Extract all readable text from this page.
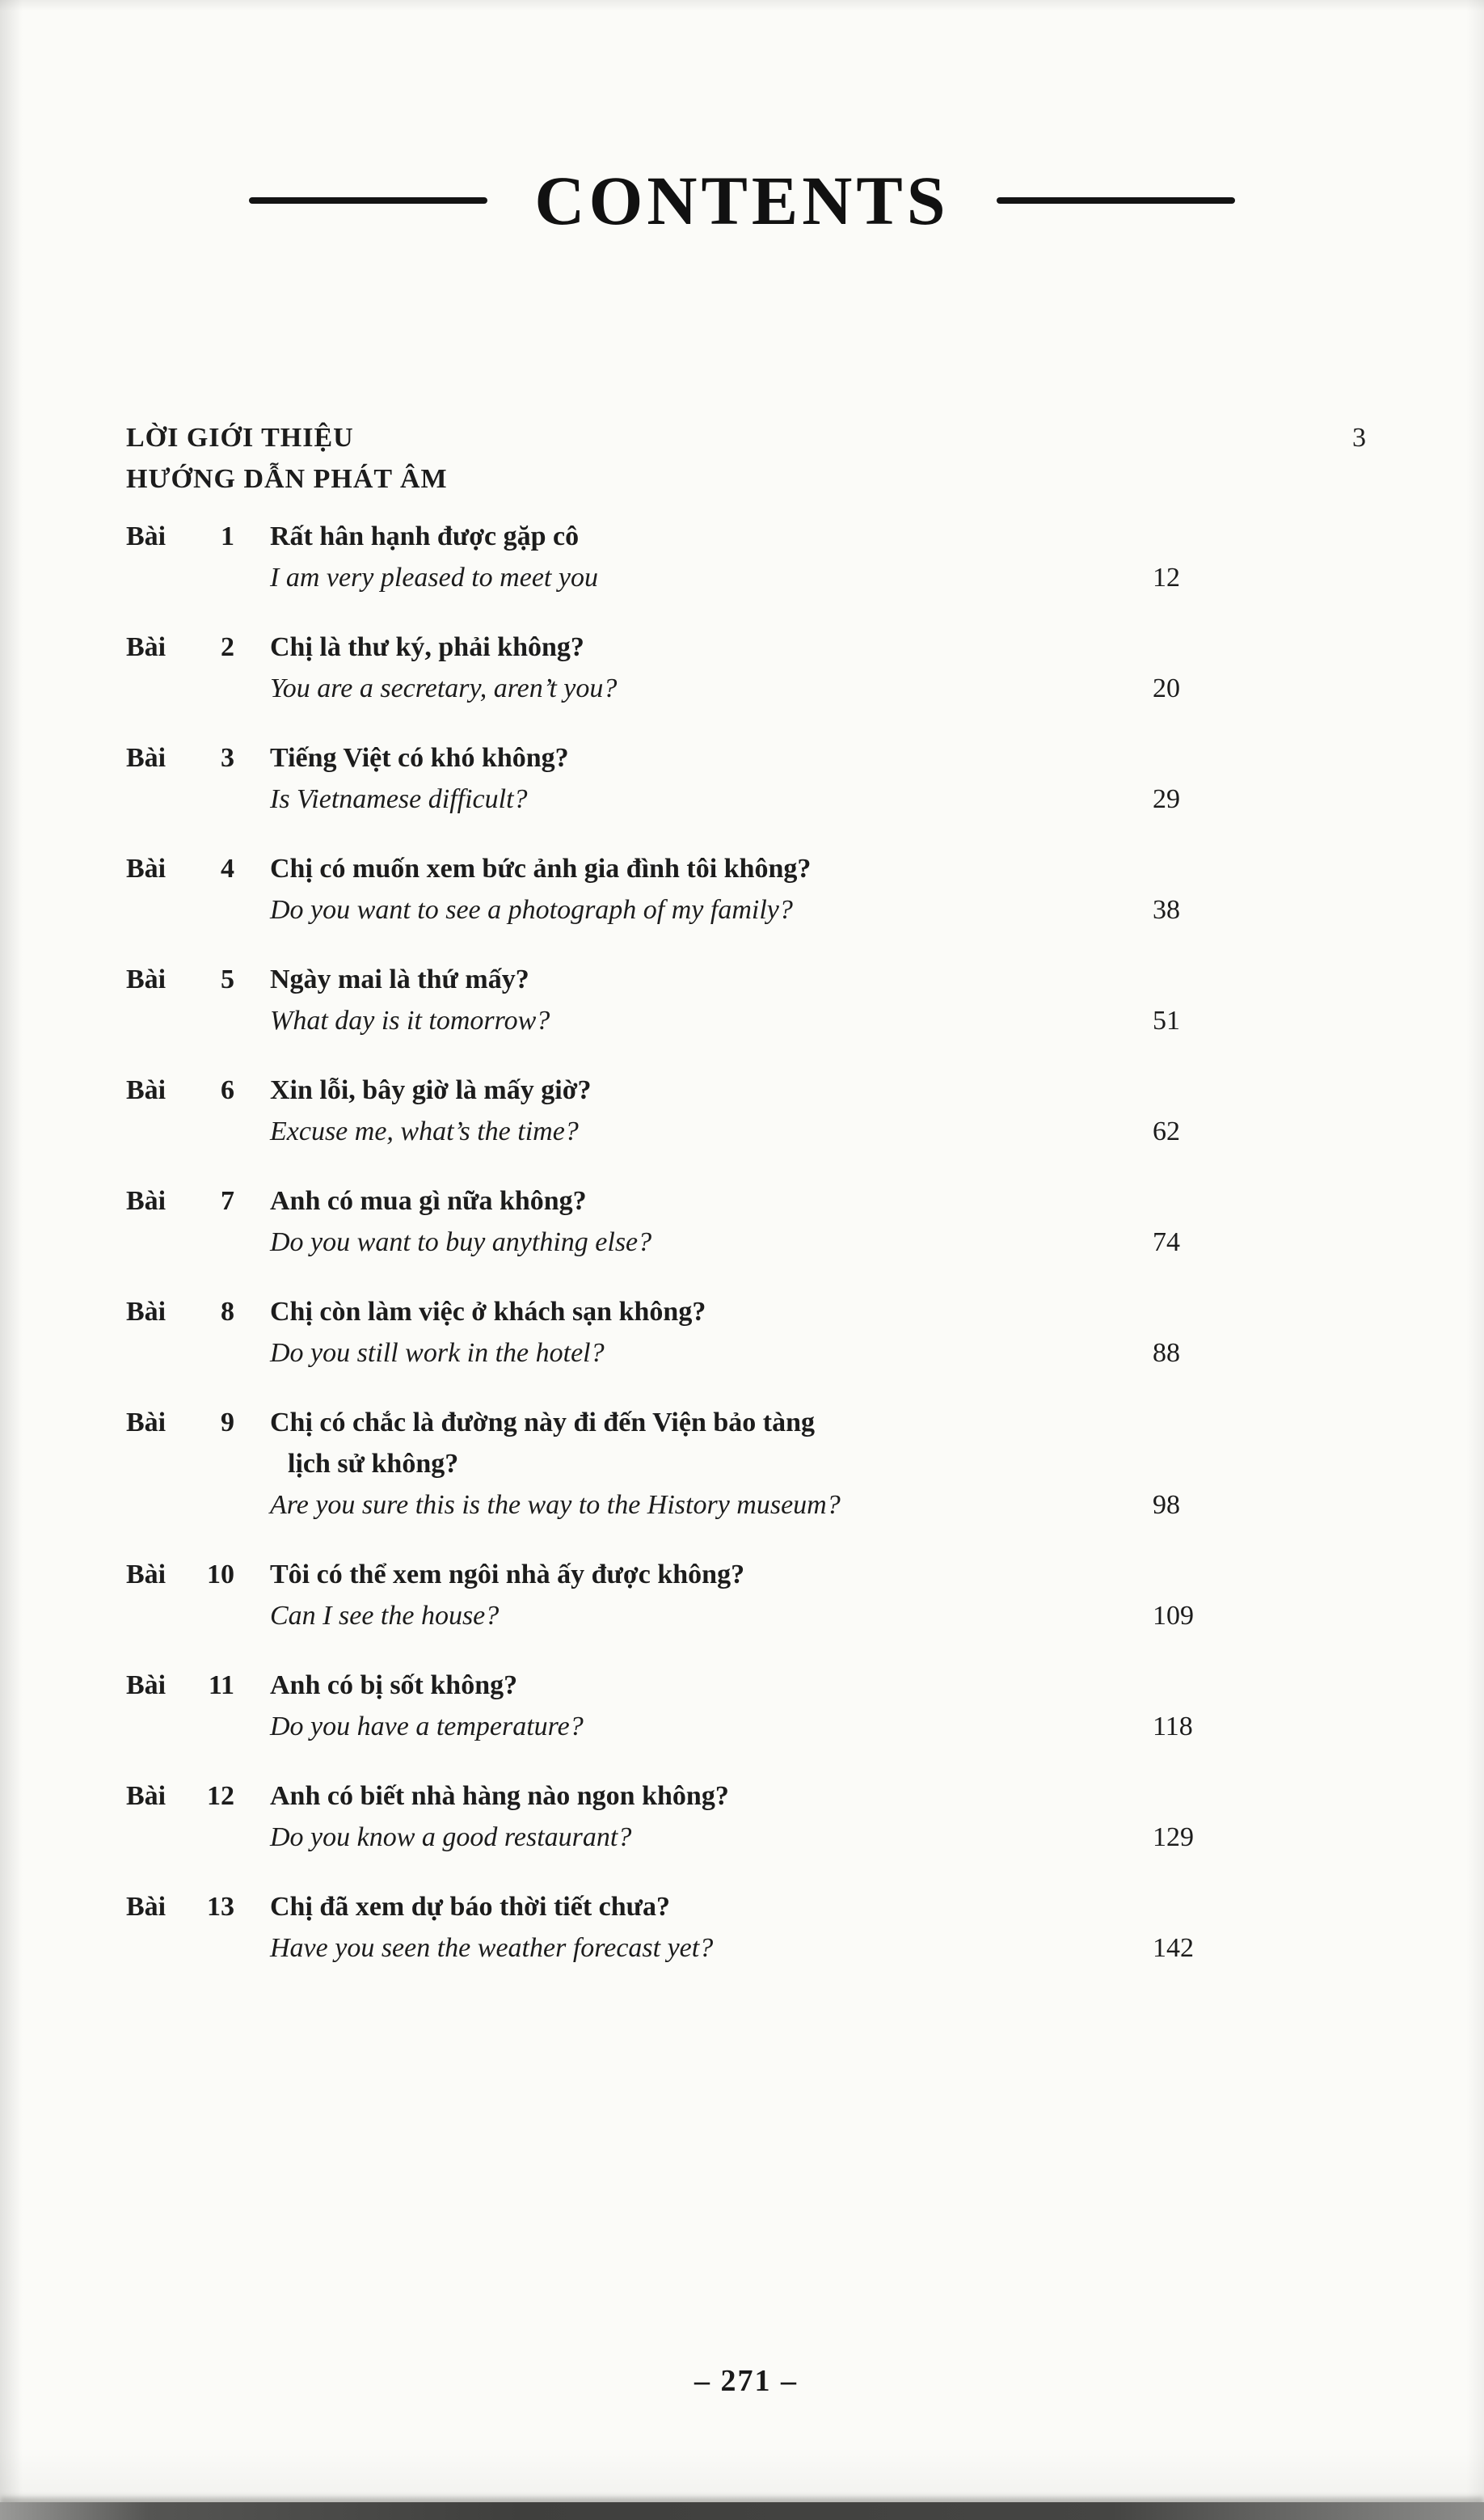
CONTENTS
LỜI GIỚI THIỆU	3
HƯỚNG DẪN PHÁT ÂM
Bài 1 Rất hân hạnh được gặp cô
I am very pleased to meet you	12
Bài 2 Chị là thư ký, phải không?
You are a secretary, aren’t you?	20
Bài 3 Tiếng Việt có khó không?
Is Vietnamese difficult?	29
Bài 4 Chị có muốn xem bức ảnh gia đình tôi không?
Do you want to see a photograph of my family?	38
Bài 5 Ngày mai là thứ mấy?
What day is it tomorrow?	51
Bài 6 Xin lỗi, bây giờ là mấy giờ?
Excuse me, what’s the time?	62
Bài 7 Anh có mua gì nữa không?
Do you want to buy anything else?	74
Bài 8 Chị còn làm việc ở khách sạn không?
Do you still work in the hotel?	88
Bài 9 Chị có chắc là đường này đi đến Viện bảo tàng
lịch sử không?
Are you sure this is the way to the History museum?	98
Bài 10 Tôi có thể xem ngôi nhà ấy được không?
Can I see the house?	109
Bài 11 Anh có bị sốt không?
Do you have a temperature?	118
Bài 12 Anh có biết nhà hàng nào ngon không?
Do you know a good restaurant?	129
Bài 13 Chị đã xem dự báo thời tiết chưa?
Have you seen the weather forecast yet?	142
– 271 –
